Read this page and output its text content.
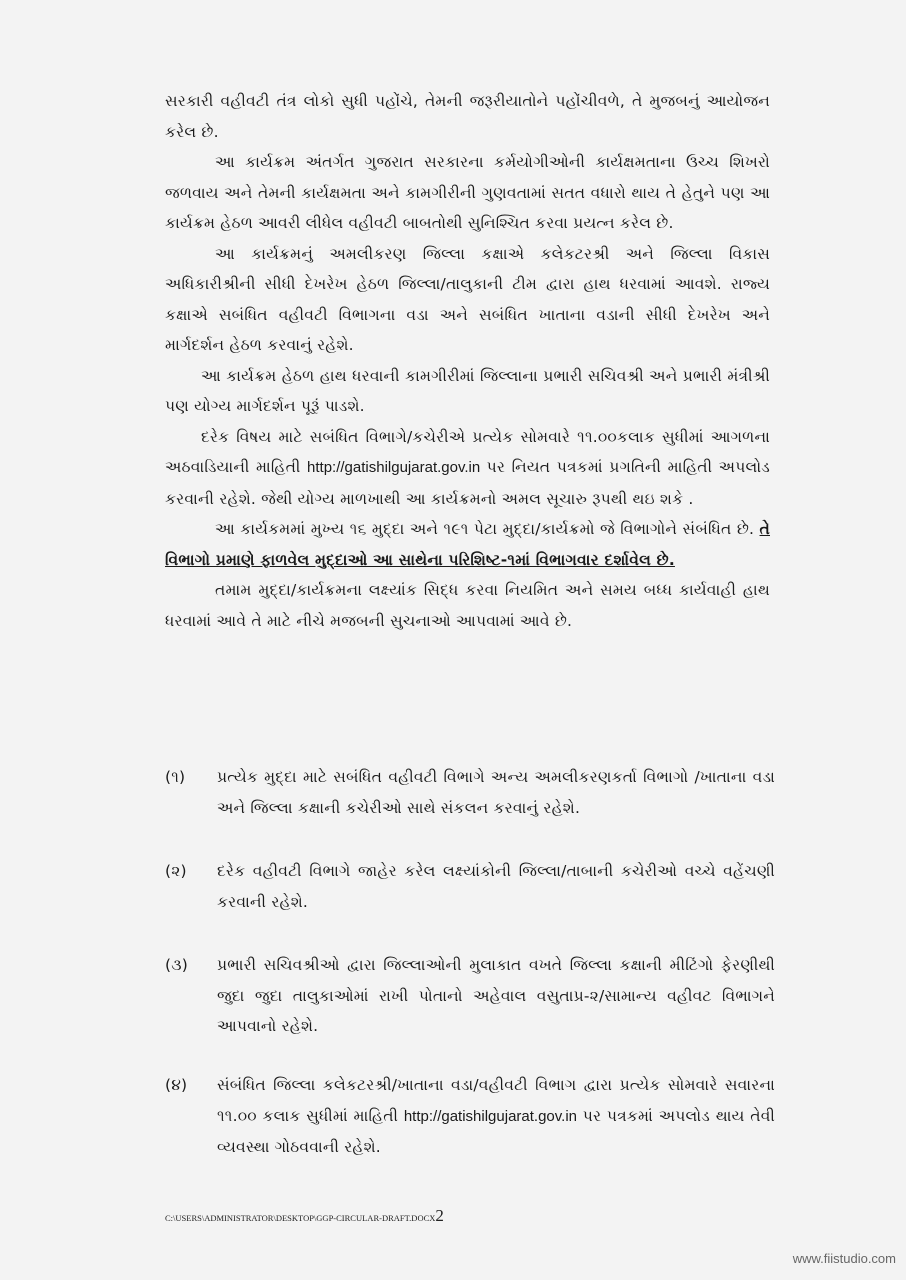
સરકારી વહીવટી તંત્ર લોકો સુધી પહોંચે, તેમની જરૂરીયાતોને પહોંચીવળે, તે મુજબનું આયોજન કરેલ છે.

આ કાર્યક્રમ અંતર્ગત ગુજરાત સરકારના કર્મયોગીઓની કાર્યક્ષમતાના ઉચ્ચ શિખરો જળવાય અને તેમની કાર્યક્ષમતા અને કામગીરીની ગુણવતામાં સતત વધારો થાય તે હેતુને પણ આ કાર્યક્રમ હેઠળ આવરી લીધેલ વહીવટી બાબતોથી સુનિશ્ચિત કરવા પ્રયત્ન કરેલ છે.

આ કાર્યક્રમનું અમલીકરણ જિલ્લા કક્ષાએ કલેકટરશ્રી અને જિલ્લા વિકાસ અધિકારીશ્રીની સીધી દેખરેખ હેઠળ જિલ્લા/તાલુકાની ટીમ દ્વારા હાથ ધરવામાં આવશે. રાજ્ય કક્ષાએ સબંધિત વહીવટી વિભાગના વડા અને સબંધિત ખાતાના વડાની સીધી દેખરેખ અને માર્ગદર્શન હેઠળ કરવાનું રહેશે.

આ કાર્યક્રમ હેઠળ હાથ ધરવાની કામગીરીમાં જિલ્લાના પ્રભારી સચિવશ્રી અને પ્રભારી મંત્રીશ્રી પણ યોગ્ય માર્ગદર્શન પૂરૂં પાડશે.

દરેક વિષય માટે સબંધિત વિભાગે/કચેરીએ પ્રત્યેક સોમવારે ૧૧.૦૦કલાક સુધીમાં આગળના અઠવાડિયાની માહિતી http://gatishilgujarat.gov.in પર નિયત પત્રકમાં પ્રગતિની માહિતી અપલોડ કરવાની રહેશે. જેથી યોગ્ય માળખાથી આ કાર્યક્રમનો અમલ સૂચારુ રૂપથી થઇ શકે .

આ કાર્યકમમાં મુખ્ય ૧૬ મુદ્દા અને ૧૯૧ પેટા મુદ્દા/કાર્યક્રમો જે વિભાગોને સંબંધિત છે. તે વિભાગો પ્રમાણે ફાળવેલ મુદ્દાઓ આ સાથેના પરિશિષ્ટ-૧માં વિભાગવાર દર્શાવેલ છે.

તમામ મુદ્દા/કાર્યક્રમના લક્ષ્યાંક સિદ્ધ કરવા નિયમિત અને સમય બધ્ધ કાર્યવાહી હાથ ધરવામાં આવે તે માટે નીચે મજબની સુચનાઓ આપવામાં આવે છે.

(૧)	પ્રત્યેક મુદ્દા માટે સબંધિત વહીવટી વિભાગે અન્ય અમલીકરણકર્તા વિભાગો /ખાતાના વડા અને જિલ્લા કક્ષાની કચેરીઓ સાથે સંકલન કરવાનું રહેશે.
(૨)	દરેક વહીવટી વિભાગે જાહેર કરેલ લક્ષ્યાંકોની જિલ્લા/તાબાની કચેરીઓ વચ્ચે વહેંચણી કરવાની રહેશે.
(૩)	પ્રભારી સચિવશ્રીઓ દ્વારા જિલ્લાઓની મુલાકાત વખતે જિલ્લા કક્ષાની મીટિંગો ફેરણીથી જુદા જુદા તાલુકાઓમાં રાખી પોતાનો અહેવાલ વસુતાપ્ર-૨/સામાન્ય વહીવટ વિભાગને આપવાનો રહેશે.
(૪)	સંબંધિત જિલ્લા કલેકટરશ્રી/ખાતાના વડા/વહીવટી વિભાગ દ્વારા પ્રત્યેક સોમવારે સવારના ૧૧.૦૦ કલાક સુધીમાં માહિતી http://gatishilgujarat.gov.in પર પત્રકમાં અપલોડ થાય તેવી વ્યવસ્થા ગોઠવવાની રહેશે.
C:\USERS\ADMINISTRATOR\DESKTOP\GGP-CIRCULAR-DRAFT.DOCX2
www.fiistudio.com
